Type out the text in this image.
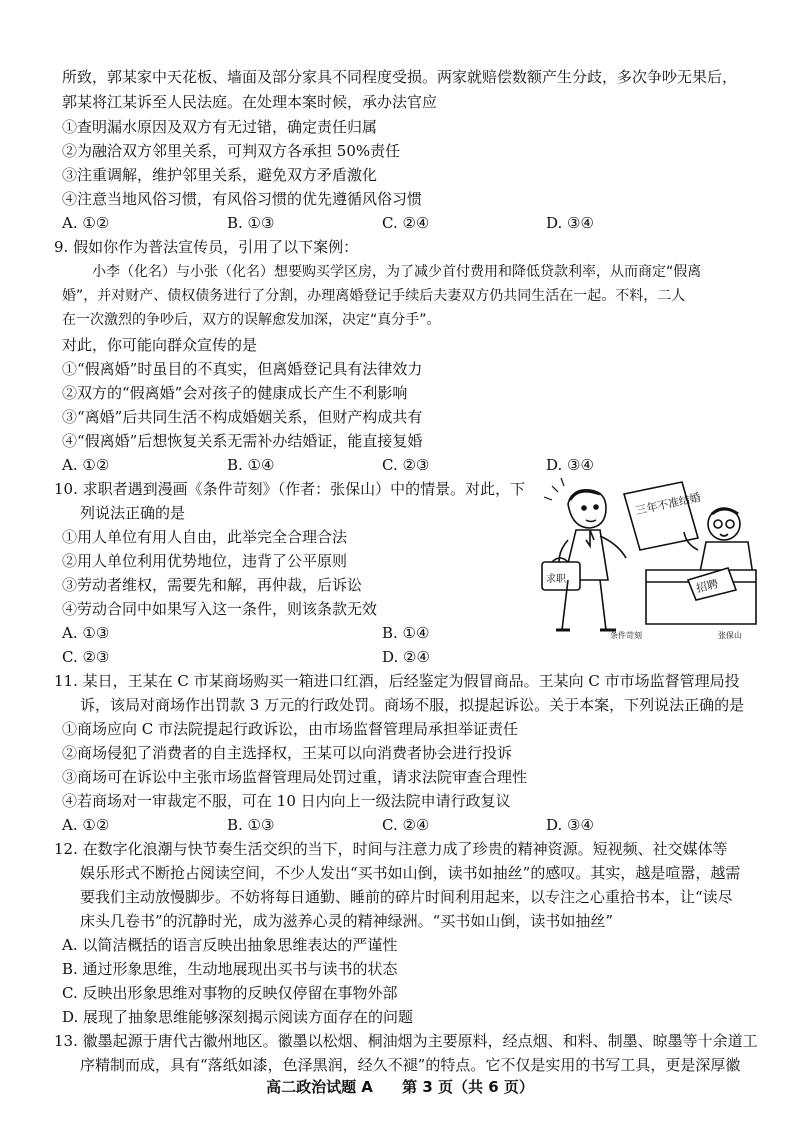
所致，郭某家中天花板、墙面及部分家具不同程度受损。两家就赔偿数额产生分歧，多次争吵无果后，
郭某将江某诉至人民法庭。在处理本案时候，承办法官应
①查明漏水原因及双方有无过错，确定责任归属
②为融洽双方邻里关系，可判双方各承担 50%责任
③注重调解，维护邻里关系，避免双方矛盾激化
④注意当地风俗习惯，有风俗习惯的优先遵循风俗习惯
A. ①②	B. ①③	C. ②④	D. ③④
9. 假如你作为普法宣传员，引用了以下案例：
小李（化名）与小张（化名）想要购买学区房，为了减少首付费用和降低贷款利率，从而商定“假离
婚”，并对财产、债权债务进行了分割，办理离婚登记手续后夫妻双方仍共同生活在一起。不料，二人
在一次激烈的争吵后，双方的误解愈发加深，决定“真分手”。
对此，你可能向群众宣传的是
①“假离婚”时虽目的不真实，但离婚登记具有法律效力
②双方的“假离婚”会对孩子的健康成长产生不利影响
③“离婚”后共同生活不构成婚姻关系，但财产构成共有
④“假离婚”后想恢复关系无需补办结婚证，能直接复婚
A. ①②	B. ①④	C. ②③	D. ③④
10. 求职者遇到漫画《条件苛刻》（作者：张保山）中的情景。对此，下
列说法正确的是
①用人单位有用人自由，此举完全合理合法
②用人单位利用优势地位，违背了公平原则
③劳动者维权，需要先和解，再仲裁，后诉讼
④劳动合同中如果写入这一条件，则该条款无效
A. ①③	B. ①④
C. ②③	D. ②④
求职
三年不准结婚
招聘
条件苛刻	张保山
11. 某日，王某在 C 市某商场购买一箱进口红酒，后经鉴定为假冒商品。王某向 C 市市场监督管理局投
诉，该局对商场作出罚款 3 万元的行政处罚。商场不服，拟提起诉讼。关于本案，下列说法正确的是
①商场应向 C 市法院提起行政诉讼，由市场监督管理局承担举证责任
②商场侵犯了消费者的自主选择权，王某可以向消费者协会进行投诉
③商场可在诉讼中主张市场监督管理局处罚过重，请求法院审查合理性
④若商场对一审裁定不服，可在 10 日内向上一级法院申请行政复议
A. ①②	B. ①③	C. ②④	D. ③④
12. 在数字化浪潮与快节奏生活交织的当下，时间与注意力成了珍贵的精神资源。短视频、社交媒体等
娱乐形式不断抢占阅读空间，不少人发出“买书如山倒，读书如抽丝”的感叹。其实，越是喧嚣，越需
要我们主动放慢脚步。不妨将每日通勤、睡前的碎片时间利用起来，以专注之心重拾书本，让“读尽
床头几卷书”的沉静时光，成为滋养心灵的精神绿洲。“买书如山倒，读书如抽丝”
A. 以简洁概括的语言反映出抽象思维表达的严谨性
B. 通过形象思维，生动地展现出买书与读书的状态
C. 反映出形象思维对事物的反映仅停留在事物外部
D. 展现了抽象思维能够深刻揭示阅读方面存在的问题
13. 徽墨起源于唐代古徽州地区。徽墨以松烟、桐油烟为主要原料，经点烟、和料、制墨、晾墨等十余道工
序精制而成，具有“落纸如漆，色泽黑润，经久不褪”的特点。它不仅是实用的书写工具，更是深厚徽
高二政治试题 A 第 3 页（共 6 页）
